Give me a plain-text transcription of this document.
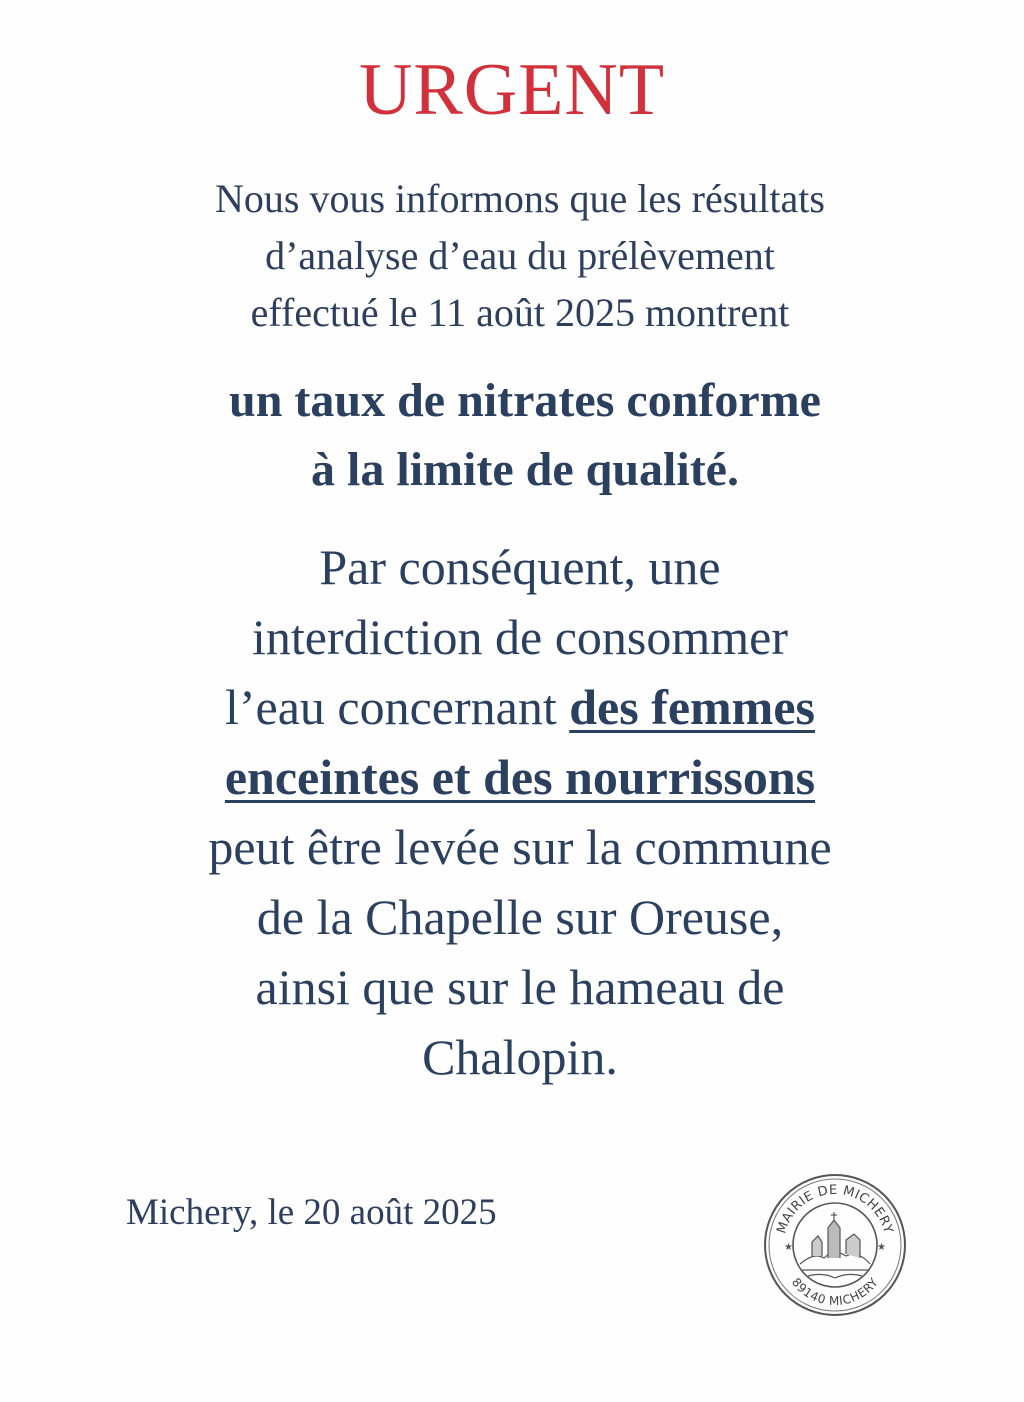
URGENT
Nous vous informons que les résultats
d’analyse d’eau du prélèvement
effectué le 11 août 2025 montrent
un taux de nitrates conforme
à la limite de qualité.
Par conséquent, une
interdiction de consommer
l’eau concernant des femmes
enceintes et des nourrissons
peut être levée sur la commune
de la Chapelle sur Oreuse,
ainsi que sur le hameau de
Chalopin.
Michery, le 20 août 2025	MAIRIE DE MICHERY
89140 MICHERY
★	★
